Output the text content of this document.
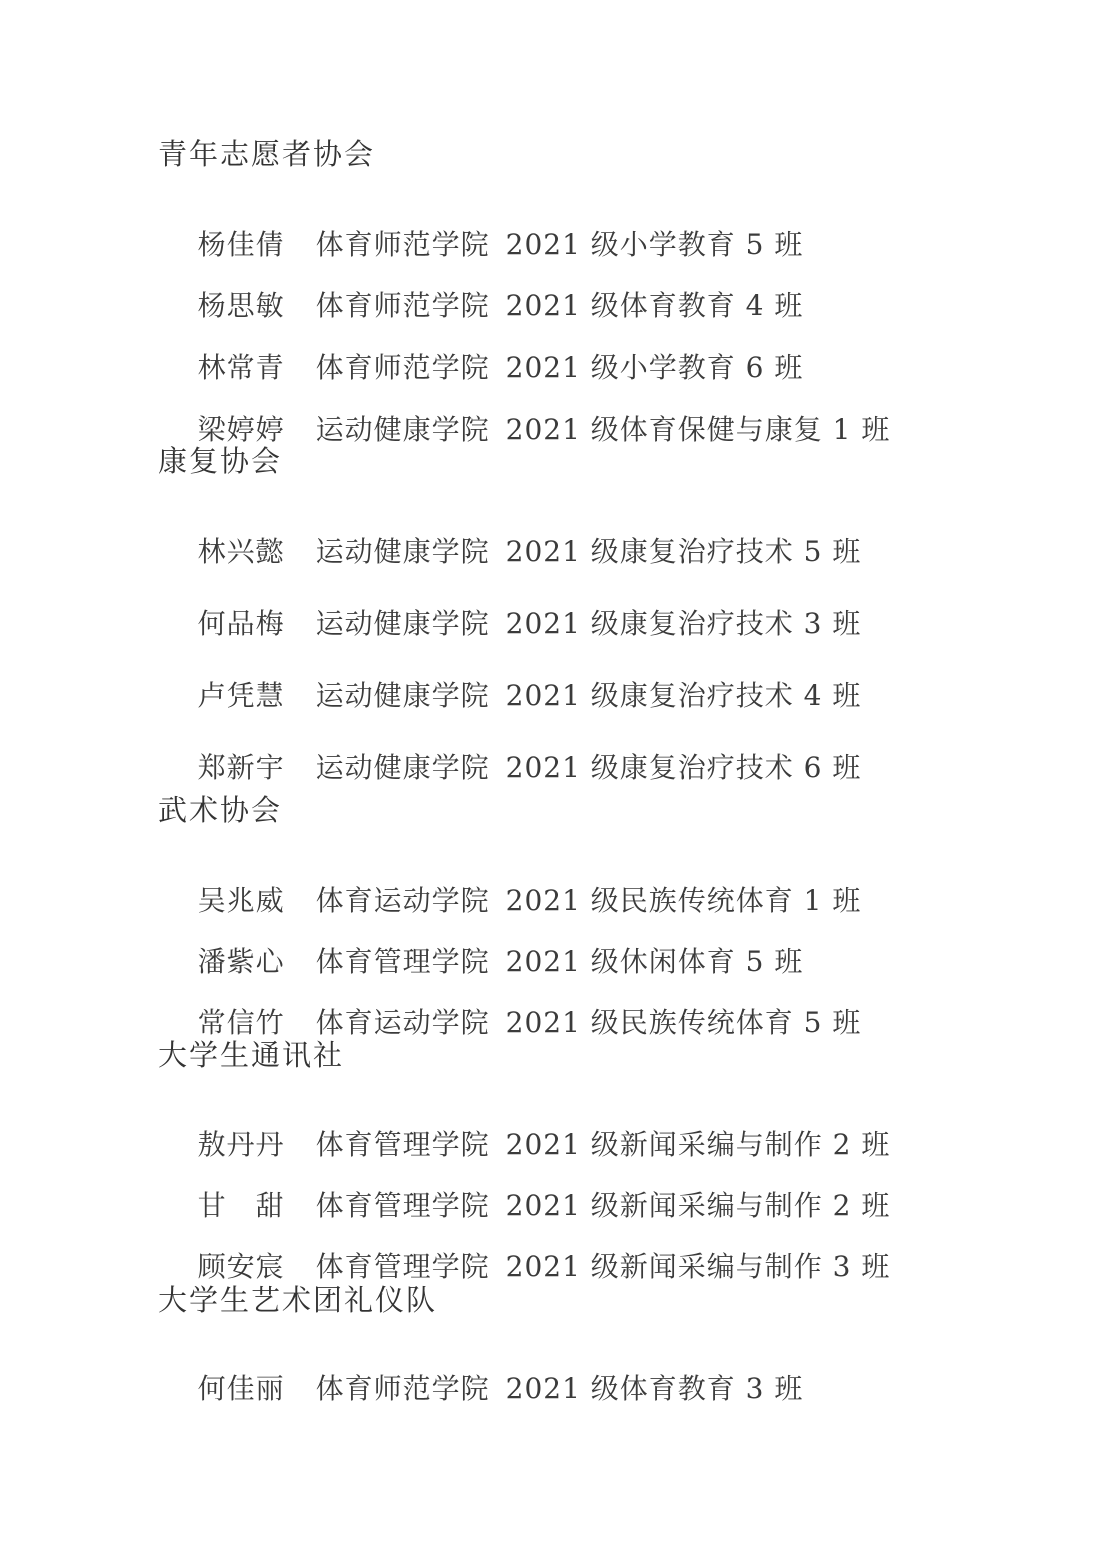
青年志愿者协会

杨佳倩 体育师范学院 2021 级小学教育 5 班

杨思敏 体育师范学院 2021 级体育教育 4 班

林常青 体育师范学院 2021 级小学教育 6 班

梁婷婷 运动健康学院 2021 级体育保健与康复 1 班

康复协会

林兴懿 运动健康学院 2021 级康复治疗技术 5 班

何品梅 运动健康学院 2021 级康复治疗技术 3 班

卢凭慧 运动健康学院 2021 级康复治疗技术 4 班

郑新宇 运动健康学院 2021 级康复治疗技术 6 班

武术协会

吴兆威 体育运动学院 2021 级民族传统体育 1 班

潘紫心 体育管理学院 2021 级休闲体育 5 班

常信竹 体育运动学院 2021 级民族传统体育 5 班

大学生通讯社

敖丹丹 体育管理学院 2021 级新闻采编与制作 2 班

甘　甜 体育管理学院 2021 级新闻采编与制作 2 班

顾安宸 体育管理学院 2021 级新闻采编与制作 3 班

大学生艺术团礼仪队

何佳丽 体育师范学院 2021 级体育教育 3 班
